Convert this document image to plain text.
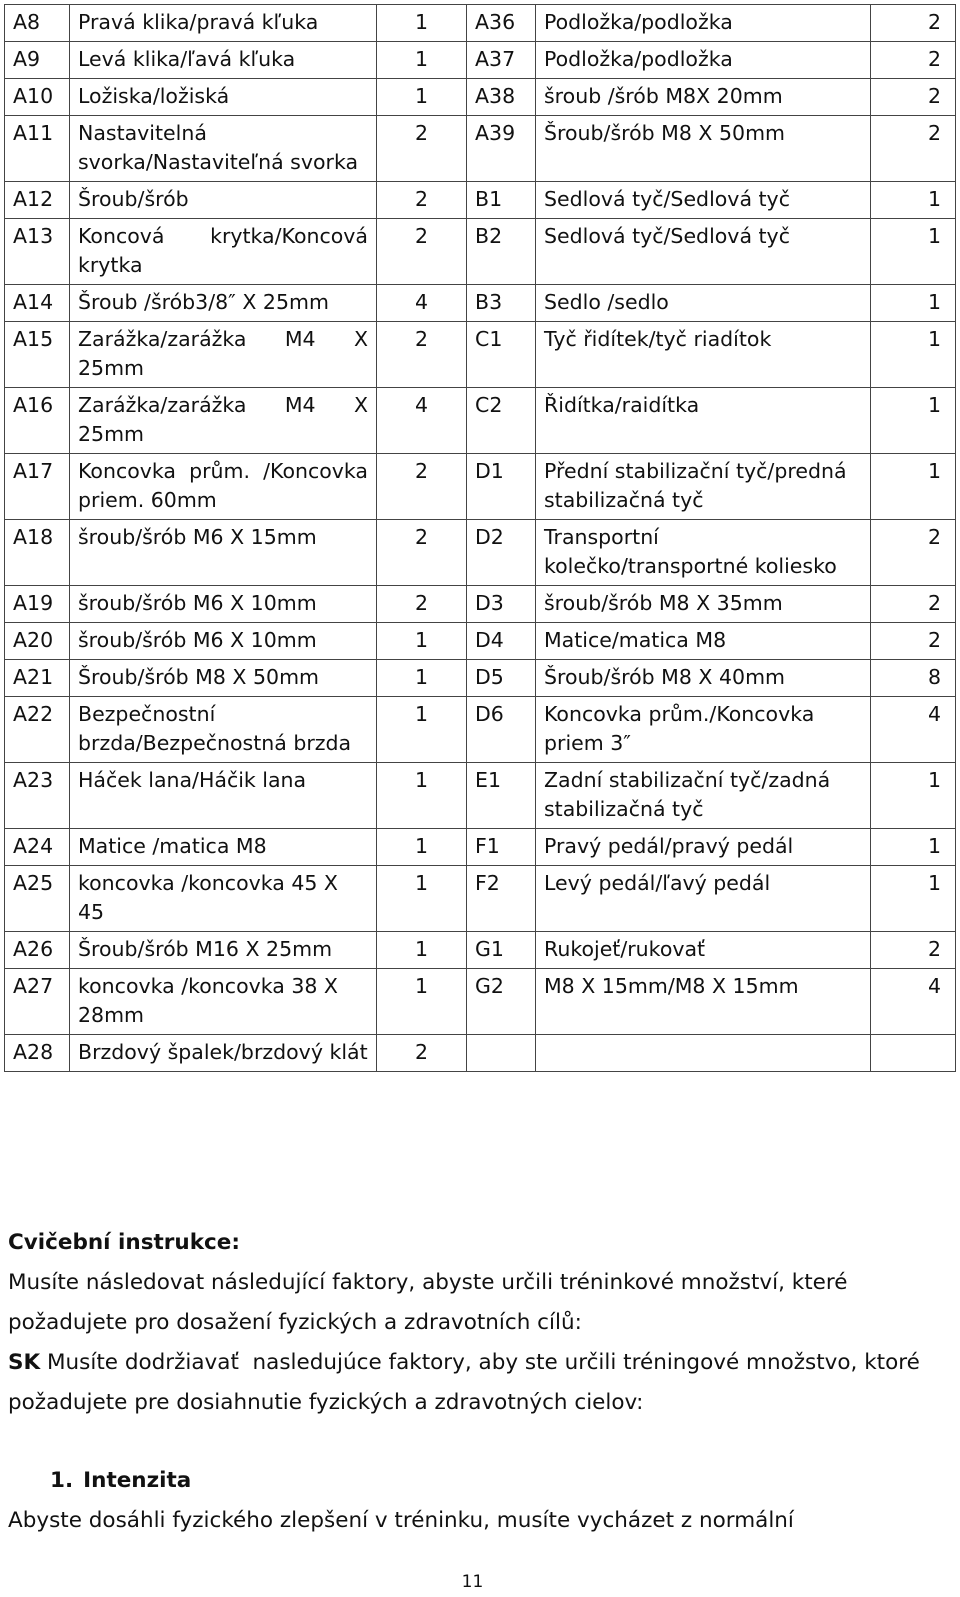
A8	Pravá klika/pravá kľuka	1	A36	Podložka/podložka	2
A9	Levá klika/ľavá kľuka	1	A37	Podložka/podložka	2
A10	Ložiska/ložiská	1	A38	šroub /šrób M8X 20mm	2
A11	Nastavitelná svorka/Nastaviteľná svorka	2	A39	Šroub/šrób M8 X 50mm	2
A12	Šroub/šrób	2	B1	Sedlová tyč/Sedlová tyč	1
A13	Koncová krytka/Koncová krytka	2	B2	Sedlová tyč/Sedlová tyč	1
A14	Šroub /šrób3/8″ X 25mm	4	B3	Sedlo /sedlo	1
A15	Zarážka/zarážka M4 X 25mm	2	C1	Tyč řidítek/tyč riadítok	1
A16	Zarážka/zarážka M4 X 25mm	4	C2	Řidítka/raidítka	1
A17	Koncovka prům. /Koncovka priem. 60mm	2	D1	Přední stabilizační tyč/predná stabilizačná tyč	1
A18	šroub/šrób M6 X 15mm	2	D2	Transportní kolečko/transportné koliesko	2
A19	šroub/šrób M6 X 10mm	2	D3	šroub/šrób M8 X 35mm	2
A20	šroub/šrób M6 X 10mm	1	D4	Matice/matica M8	2
A21	Šroub/šrób M8 X 50mm	1	D5	Šroub/šrób M8 X 40mm	8
A22	Bezpečnostní brzda/Bezpečnostná brzda	1	D6	Koncovka prům./Koncovka priem 3″	4
A23	Háček lana/Háčik lana	1	E1	Zadní stabilizační tyč/zadná stabilizačná tyč	1
A24	Matice /matica M8	1	F1	Pravý pedál/pravý pedál	1
A25	koncovka /koncovka 45 X 45	1	F2	Levý pedál/ľavý pedál	1
A26	Šroub/šrób M16 X 25mm	1	G1	Rukojeť/rukovať	2
A27	koncovka /koncovka 38 X 28mm	1	G2	M8 X 15mm/M8 X 15mm	4
A28	Brzdový špalek/brzdový klát	2			

Cvičební instrukce:

Musíte následovat následující faktory, abyste určili tréninkové množství, které požadujete pro dosažení fyzických a zdravotních cílů:

SK Musíte dodržiavať  nasledujúce faktory, aby ste určili tréningové množstvo, ktoré požadujete pre dosiahnutie fyzických a zdravotných cielov:

1. Intenzita

Abyste dosáhli fyzického zlepšení v tréninku, musíte vycházet z normální

11
